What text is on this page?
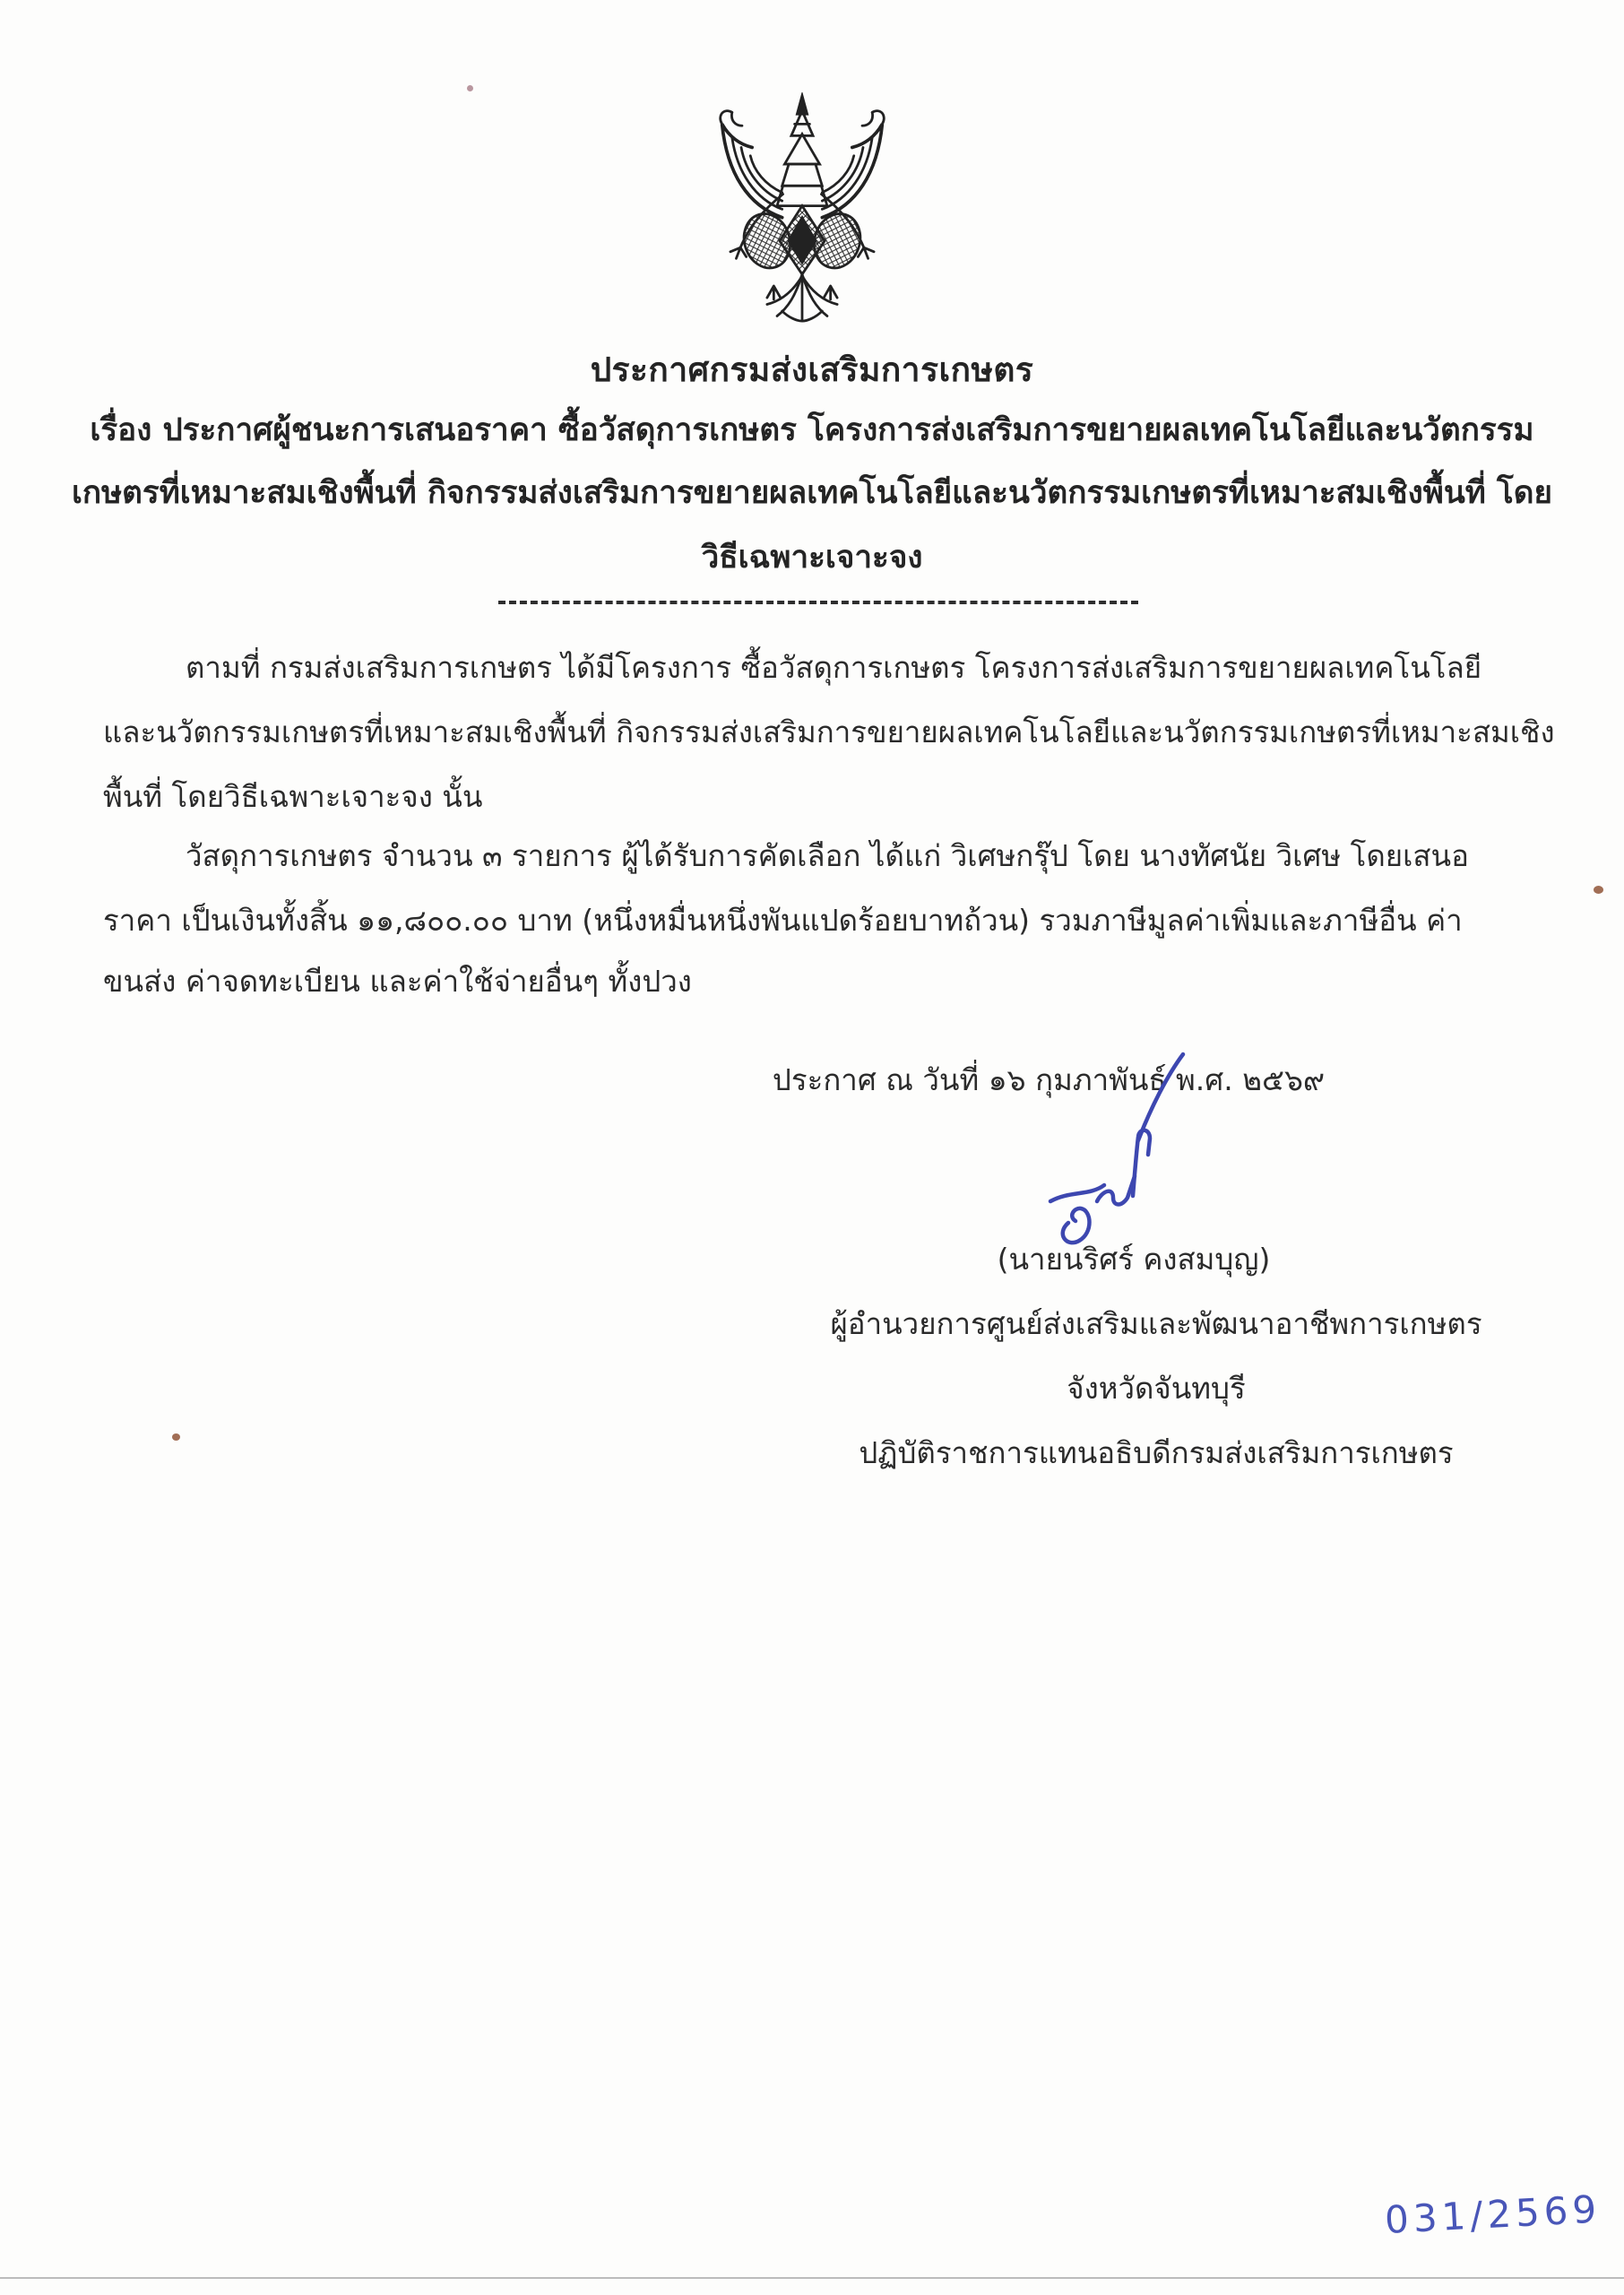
ประกาศกรมส่งเสริมการเกษตร
เรื่อง ประกาศผู้ชนะการเสนอราคา ซื้อวัสดุการเกษตร โครงการส่งเสริมการขยายผลเทคโนโลยีและนวัตกรรม
เกษตรที่เหมาะสมเชิงพื้นที่ กิจกรรมส่งเสริมการขยายผลเทคโนโลยีและนวัตกรรมเกษตรที่เหมาะสมเชิงพื้นที่ โดย
วิธีเฉพาะเจาะจง
ตามที่ กรมส่งเสริมการเกษตร ได้มีโครงการ ซื้อวัสดุการเกษตร โครงการส่งเสริมการขยายผลเทคโนโลยี
และนวัตกรรมเกษตรที่เหมาะสมเชิงพื้นที่ กิจกรรมส่งเสริมการขยายผลเทคโนโลยีและนวัตกรรมเกษตรที่เหมาะสมเชิง
พื้นที่ โดยวิธีเฉพาะเจาะจง นั้น
วัสดุการเกษตร จำนวน ๓ รายการ ผู้ได้รับการคัดเลือก ได้แก่ วิเศษกรุ๊ป โดย นางทัศนัย วิเศษ โดยเสนอ
ราคา เป็นเงินทั้งสิ้น ๑๑,๘๐๐.๐๐ บาท (หนึ่งหมื่นหนึ่งพันแปดร้อยบาทถ้วน) รวมภาษีมูลค่าเพิ่มและภาษีอื่น ค่า
ขนส่ง ค่าจดทะเบียน และค่าใช้จ่ายอื่นๆ ทั้งปวง
ประกาศ ณ วันที่ ๑๖ กุมภาพันธ์ พ.ศ. ๒๕๖๙
(นายนริศร์ คงสมบุญ)
ผู้อำนวยการศูนย์ส่งเสริมและพัฒนาอาชีพการเกษตร
จังหวัดจันทบุรี
ปฏิบัติราชการแทนอธิบดีกรมส่งเสริมการเกษตร
031/2569
